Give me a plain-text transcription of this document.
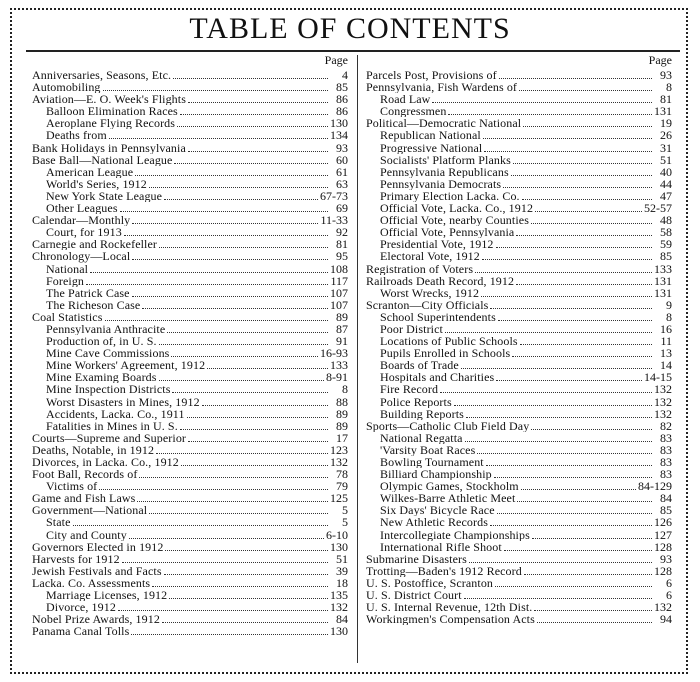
TABLE OF CONTENTS
Page
Anniversaries, Seasons, Etc.	4
Automobiling	85
Aviation—E. O. Week's Flights	86
Balloon Elimination Races	86
Aeroplane Flying Records	130
Deaths from	134
Bank Holidays in Pennsylvania	93
Base Ball—National League	60
American League	61
World's Series, 1912	63
New York State League	67-73
Other Leagues	69
Calendar—Monthly	11-33
Court, for 1913	92
Carnegie and Rockefeller	81
Chronology—Local	95
National	108
Foreign	117
The Patrick Case	107
The Richeson Case	107
Coal Statistics	89
Pennsylvania Anthracite	87
Production of, in U. S.	91
Mine Cave Commissions	16-93
Mine Workers' Agreement, 1912	133
Mine Examing Boards	8-91
Mine Inspection Districts	8
Worst Disasters in Mines, 1912	88
Accidents, Lacka. Co., 1911	89
Fatalities in Mines in U. S.	89
Courts—Supreme and Superior	17
Deaths, Notable, in 1912	123
Divorces, in Lacka. Co., 1912	132
Foot Ball, Records of	78
Victims of	79
Game and Fish Laws	125
Government—National	5
State	5
City and County	6-10
Governors Elected in 1912	130
Harvests for 1912	51
Jewish Festivals and Facts	39
Lacka. Co. Assessments	18
Marriage Licenses, 1912	135
Divorce, 1912	132
Nobel Prize Awards, 1912	84
Panama Canal Tolls	130
Page
Parcels Post, Provisions of	93
Pennsylvania, Fish Wardens of	8
Road Law	81
Congressmen	131
Political—Democratic National	19
Republican National	26
Progressive National	31
Socialists' Platform Planks	51
Pennsylvania Republicans	40
Pennsylvania Democrats	44
Primary Election Lacka. Co.	47
Official Vote, Lacka. Co., 1912	52-57
Official Vote, nearby Counties	48
Official Vote, Pennsylvania	58
Presidential Vote, 1912	59
Electoral Vote, 1912	85
Registration of Voters	133
Railroads Death Record, 1912	131
Worst Wrecks, 1912	131
Scranton—City Officials	9
School Superintendents	8
Poor District	16
Locations of Public Schools	11
Pupils Enrolled in Schools	13
Boards of Trade	14
Hospitals and Charities	14-15
Fire Record	132
Police Reports	132
Building Reports	132
Sports—Catholic Club Field Day	82
National Regatta	83
'Varsity Boat Races	83
Bowling Tournament	83
Billiard Championship	83
Olympic Games, Stockholm	84-129
Wilkes-Barre Athletic Meet	84
Six Days' Bicycle Race	85
New Athletic Records	126
Intercollegiate Championships	127
International Rifle Shoot	128
Submarine Disasters	93
Trotting—Baden's 1912 Record	128
U. S. Postoffice, Scranton	6
U. S. District Court	6
U. S. Internal Revenue, 12th Dist.	132
Workingmen's Compensation Acts	94
